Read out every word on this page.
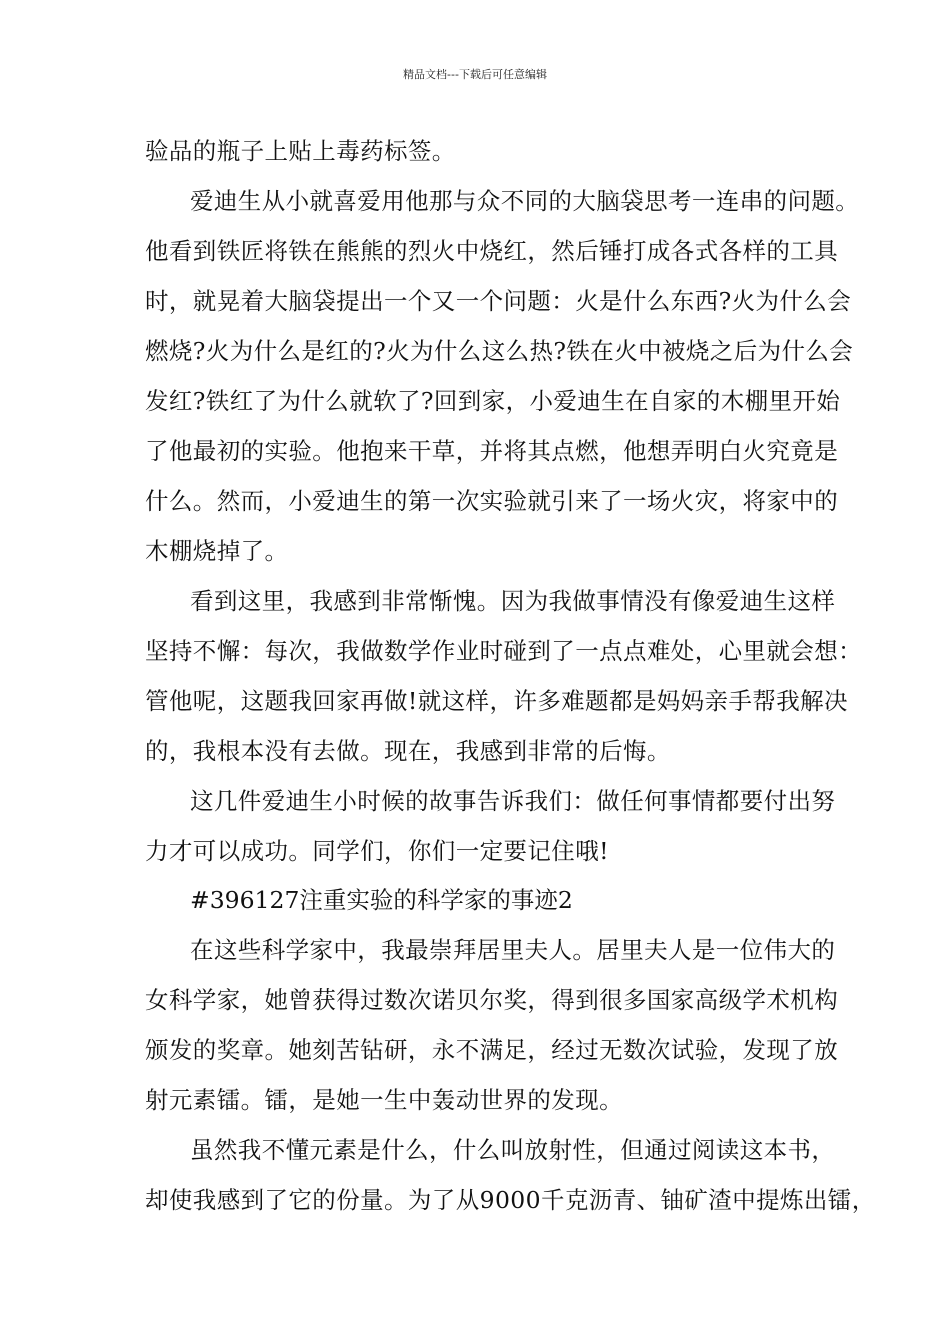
精品文档---下载后可任意编辑
验品的瓶子上贴上毒药标签。
爱迪生从小就喜爱用他那与众不同的大脑袋思考一连串的问题。
他看到铁匠将铁在熊熊的烈火中烧红，然后锤打成各式各样的工具
时，就晃着大脑袋提出一个又一个问题：火是什么东西?火为什么会
燃烧?火为什么是红的?火为什么这么热?铁在火中被烧之后为什么会
发红?铁红了为什么就软了?回到家，小爱迪生在自家的木棚里开始
了他最初的实验。他抱来干草，并将其点燃，他想弄明白火究竟是
什么。然而，小爱迪生的第一次实验就引来了一场火灾，将家中的
木棚烧掉了。
看到这里，我感到非常惭愧。因为我做事情没有像爱迪生这样
坚持不懈：每次，我做数学作业时碰到了一点点难处，心里就会想：
管他呢，这题我回家再做!就这样，许多难题都是妈妈亲手帮我解决
的，我根本没有去做。现在，我感到非常的后悔。
这几件爱迪生小时候的故事告诉我们：做任何事情都要付出努
力才可以成功。同学们，你们一定要记住哦!
#396127注重实验的科学家的事迹2
在这些科学家中，我最崇拜居里夫人。居里夫人是一位伟大的
女科学家，她曾获得过数次诺贝尔奖，得到很多国家高级学术机构
颁发的奖章。她刻苦钻研，永不满足，经过无数次试验，发现了放
射元素镭。镭，是她一生中轰动世界的发现。
虽然我不懂元素是什么，什么叫放射性，但通过阅读这本书，
却使我感到了它的份量。为了从9000千克沥青、铀矿渣中提炼出镭，
